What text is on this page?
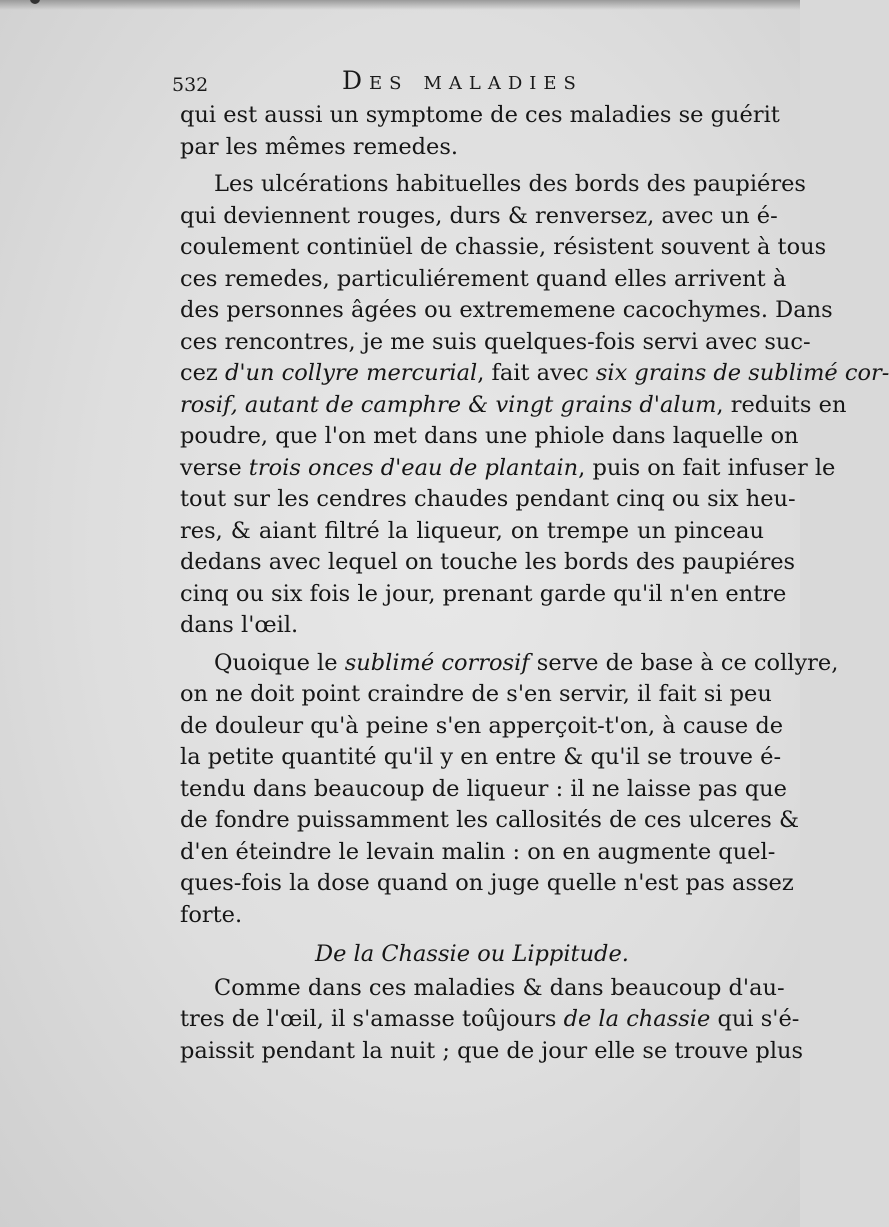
532	Des maladies
qui est aussi un symptome de ces maladies se guérit
par les mêmes remedes.
Les ulcérations habituelles des bords des paupiéres
qui deviennent rouges, durs & renversez, avec un é-
coulement continüel de chassie, résistent souvent à tous
ces remedes, particuliérement quand elles arrivent à
des personnes âgées ou extrememene cacochymes. Dans
ces rencontres, je me suis quelques-fois servi avec suc-
cez d'un collyre mercurial, fait avec six grains de sublimé cor-
rosif, autant de camphre & vingt grains d'alum, reduits en
poudre, que l'on met dans une phiole dans laquelle on
verse trois onces d'eau de plantain, puis on fait infuser le
tout sur les cendres chaudes pendant cinq ou six heu-
res, & aiant filtré la liqueur, on trempe un pinceau
dedans avec lequel on touche les bords des paupiéres
cinq ou six fois le jour, prenant garde qu'il n'en entre
dans l'œil.
Quoique le sublimé corrosif serve de base à ce collyre,
on ne doit point craindre de s'en servir, il fait si peu
de douleur qu'à peine s'en apperçoit-t'on, à cause de
la petite quantité qu'il y en entre & qu'il se trouve é-
tendu dans beaucoup de liqueur : il ne laisse pas que
de fondre puissamment les callosités de ces ulceres &
d'en éteindre le levain malin : on en augmente quel-
ques-fois la dose quand on juge quelle n'est pas assez
forte.
De la Chassie ou Lippitude.
Comme dans ces maladies & dans beaucoup d'au-
tres de l'œil, il s'amasse toûjours de la chassie qui s'é-
paissit pendant la nuit ; que de jour elle se trouve plus
